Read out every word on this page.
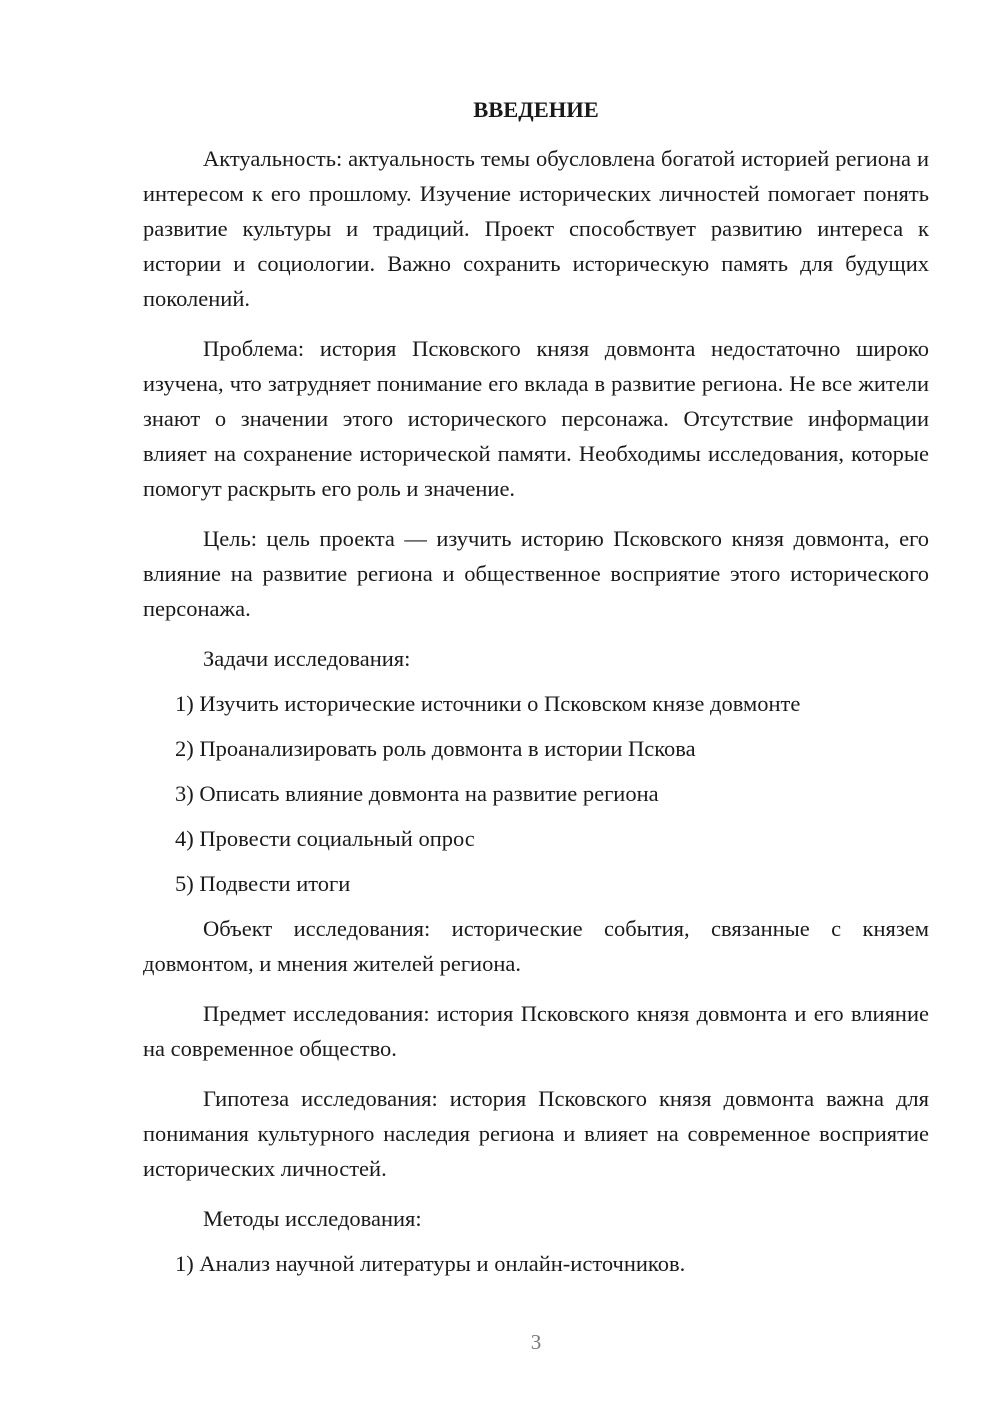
ВВЕДЕНИЕ

Актуальность: актуальность темы обусловлена богатой историей региона и интересом к его прошлому. Изучение исторических личностей помогает понять развитие культуры и традиций. Проект способствует развитию интереса к истории и социологии. Важно сохранить историческую память для будущих поколений.

Проблема: история Псковского князя довмонта недостаточно широко изучена, что затрудняет понимание его вклада в развитие региона. Не все жители знают о значении этого исторического персонажа. Отсутствие информации влияет на сохранение исторической памяти. Необходимы исследования, которые помогут раскрыть его роль и значение.

Цель: цель проекта — изучить историю Псковского князя довмонта, его влияние на развитие региона и общественное восприятие этого исторического персонажа.

Задачи исследования:

1) Изучить исторические источники о Псковском князе довмонте
2) Проанализировать роль довмонта в истории Пскова
3) Описать влияние довмонта на развитие региона
4) Провести социальный опрос
5) Подвести итоги

Объект исследования: исторические события, связанные с князем довмонтом, и мнения жителей региона.

Предмет исследования: история Псковского князя довмонта и его влияние на современное общество.

Гипотеза исследования: история Псковского князя довмонта важна для понимания культурного наследия региона и влияет на современное восприятие исторических личностей.

Методы исследования:

1) Анализ научной литературы и онлайн-источников.
3
